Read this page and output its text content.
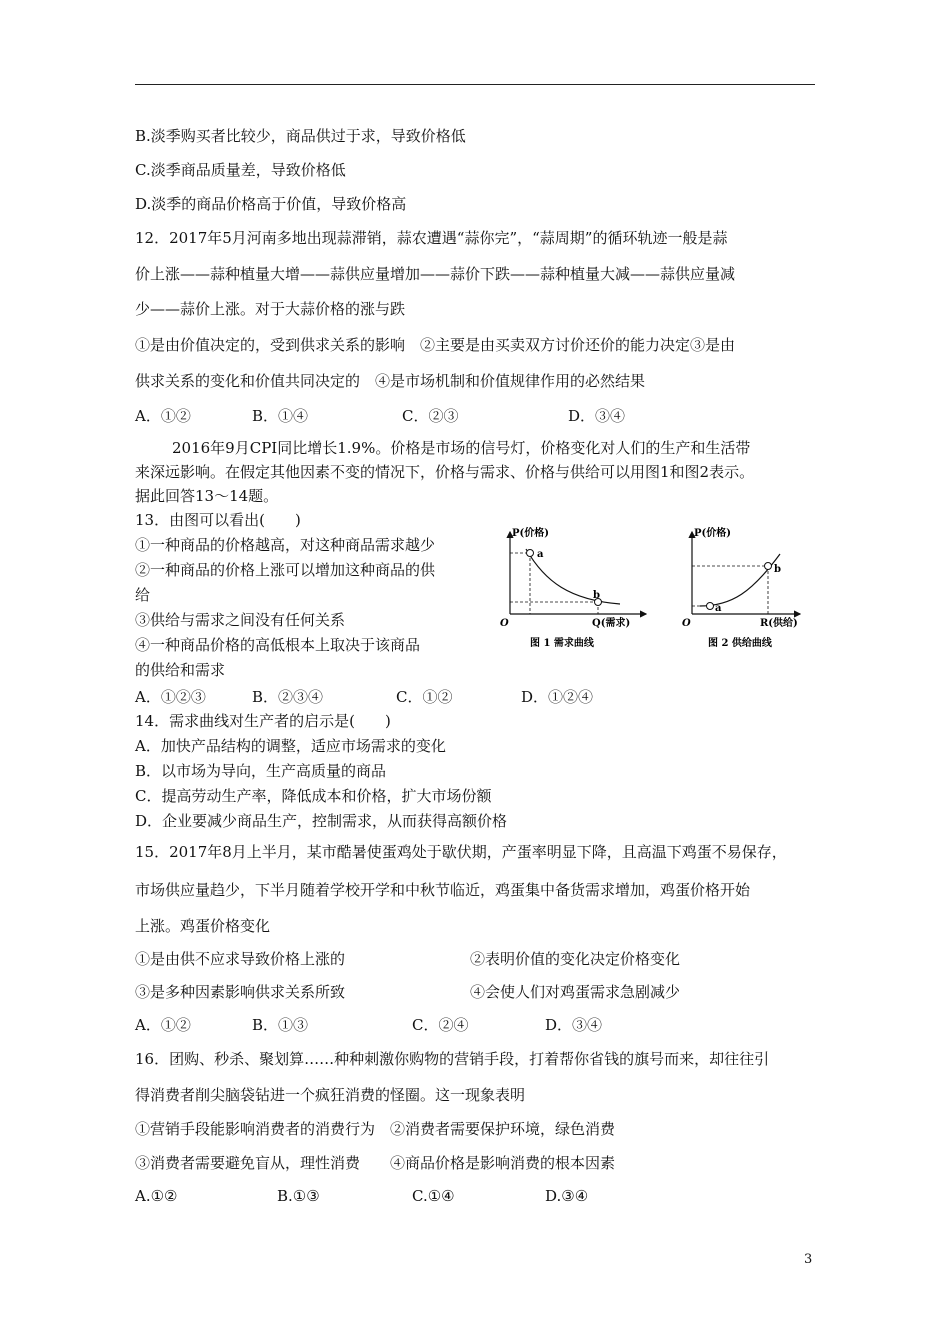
B.淡季购买者比较少，商品供过于求，导致价格低
C.淡季商品质量差，导致价格低
D.淡季的商品价格高于价值，导致价格高
12．2017年5月河南多地出现蒜滞销，蒜农遭遇“蒜你完”，“蒜周期”的循环轨迹一般是蒜
价上涨——蒜种植量大增——蒜供应量增加——蒜价下跌——蒜种植量大减——蒜供应量减
少——蒜价上涨。对于大蒜价格的涨与跌
①是由价值决定的，受到供求关系的影响　②主要是由买卖双方讨价还价的能力决定③是由
供求关系的变化和价值共同决定的　④是市场机制和价值规律作用的必然结果
A．①②	B．①④	C．②③	D．③④
2016年9月CPI同比增长1.9%。价格是市场的信号灯，价格变化对人们的生产和生活带
来深远影响。在假定其他因素不变的情况下，价格与需求、价格与供给可以用图1和图2表示。
据此回答13～14题。
13．由图可以看出(　　)
①一种商品的价格越高，对这种商品需求越少
②一种商品的价格上涨可以增加这种商品的供
给
③供给与需求之间没有任何关系
④一种商品价格的高低根本上取决于该商品
的供给和需求
A．①②③	B．②③④	C．①②	D．①②④
P(价格)
Q(需求)
O
a
b
图 1 需求曲线
P(价格)
R(供给)
O
a
b
图 2 供给曲线
14．需求曲线对生产者的启示是(　　)
A．加快产品结构的调整，适应市场需求的变化
B．以市场为导向，生产高质量的商品
C．提高劳动生产率，降低成本和价格，扩大市场份额
D．企业要减少商品生产，控制需求，从而获得高额价格
15．2017年8月上半月，某市酷暑使蛋鸡处于歇伏期，产蛋率明显下降，且高温下鸡蛋不易保存，
市场供应量趋少，下半月随着学校开学和中秋节临近，鸡蛋集中备货需求增加，鸡蛋价格开始
上涨。鸡蛋价格变化
①是由供不应求导致价格上涨的	②表明价值的变化决定价格变化
③是多种因素影响供求关系所致	④会使人们对鸡蛋需求急剧减少
A．①②	B．①③	C．②④	D．③④
16．团购、秒杀、聚划算……种种刺激你购物的营销手段，打着帮你省钱的旗号而来，却往往引
得消费者削尖脑袋钻进一个疯狂消费的怪圈。这一现象表明
①营销手段能影响消费者的消费行为　②消费者需要保护环境，绿色消费
③消费者需要避免盲从，理性消费　　④商品价格是影响消费的根本因素
A.①②	B.①③	C.①④	D.③④
3
